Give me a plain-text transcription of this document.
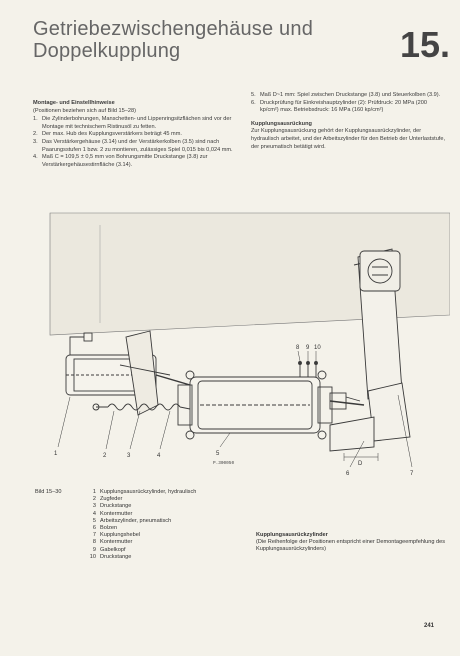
Getriebezwischengehäuse und
Doppelkupplung	15.
Montage- und Einstellhinweise
(Positionen beziehen sich auf Bild 15–28)
1. Die Zylinderbohrungen, Manschetten- und Lippenringsitzflächen sind vor der Montage mit technischem Ristinusöl zu fetten.
2. Der max. Hub des Kupplungsverstärkers beträgt 45 mm.
3. Das Verstärkergehäuse (3.14) und der Verstärkerkolben (3.5) sind nach Paarungsstufen 1 bzw. 2 zu montieren, zulässiges Spiel 0,015 bis 0,024 mm.
4. Maß C = 109,5 ± 0,5 mm von Bohrungsmitte Druckstange (3.8) zur Verstärkergehäusestirnfläche (3.14).
5. Maß D~1 mm: Spiel zwischen Druckstange (3.8) und Steuerkolben (3.9).
6. Druckprüfung für Einkreishauptzylinder (2): Prüfdruck: 20 MPa (200 kp/cm²) max. Betriebsdruck: 16 MPa (160 kp/cm²)
Kupplungsausrückung
Zur Kupplungsausrückung gehört der Kupplungsausrückzylinder, der hydraulisch arbeitet, und der Arbeitszylinder für den Betrieb der Unterlaststufe, der pneumatisch betätigt wird.
1	2	3	4	5
6	7
8 9 10
D
P.300050
Bild 15–30	1 Kupplungsausrückzylinder, hydraulisch
2 Zugfeder
3 Druckstange
4 Kontermutter
5 Arbeitszylinder, pneumatisch
6 Bolzen
7 Kupplungshebel
8 Kontermutter
9 Gabelkopf
10 Druckstange
Kupplungsausrückzylinder
(Die Reihenfolge der Positionen entspricht einer Demontageempfehlung des Kupplungsausrückzylinders)
241
